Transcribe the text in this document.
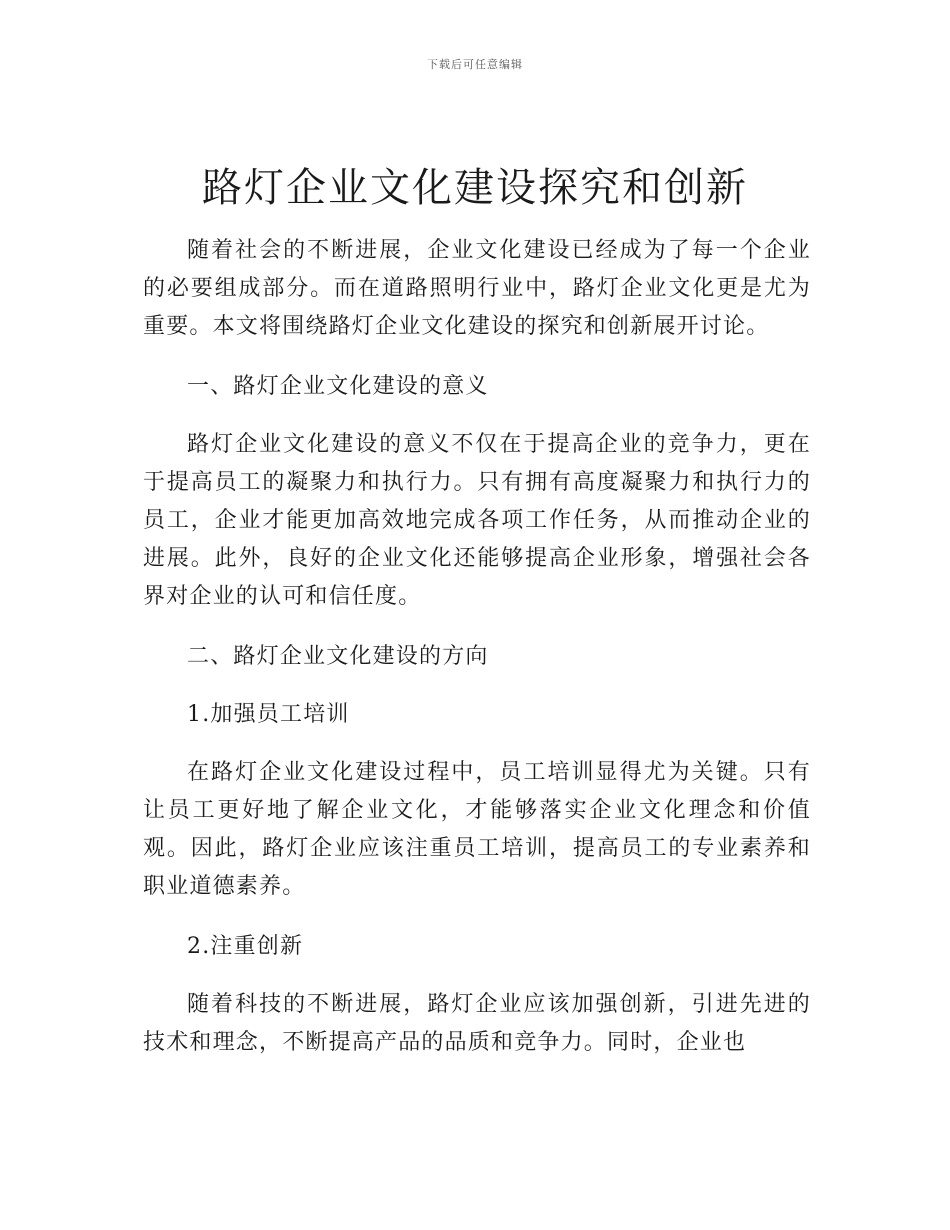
下载后可任意编辑
路灯企业文化建设探究和创新

随着社会的不断进展，企业文化建设已经成为了每一个企业的必要组成部分。而在道路照明行业中，路灯企业文化更是尤为重要。本文将围绕路灯企业文化建设的探究和创新展开讨论。

一、路灯企业文化建设的意义

路灯企业文化建设的意义不仅在于提高企业的竞争力，更在于提高员工的凝聚力和执行力。只有拥有高度凝聚力和执行力的员工，企业才能更加高效地完成各项工作任务，从而推动企业的进展。此外，良好的企业文化还能够提高企业形象，增强社会各界对企业的认可和信任度。

二、路灯企业文化建设的方向

1.加强员工培训

在路灯企业文化建设过程中，员工培训显得尤为关键。只有让员工更好地了解企业文化，才能够落实企业文化理念和价值观。因此，路灯企业应该注重员工培训，提高员工的专业素养和职业道德素养。

2.注重创新

随着科技的不断进展，路灯企业应该加强创新，引进先进的技术和理念，不断提高产品的品质和竞争力。同时，企业也
